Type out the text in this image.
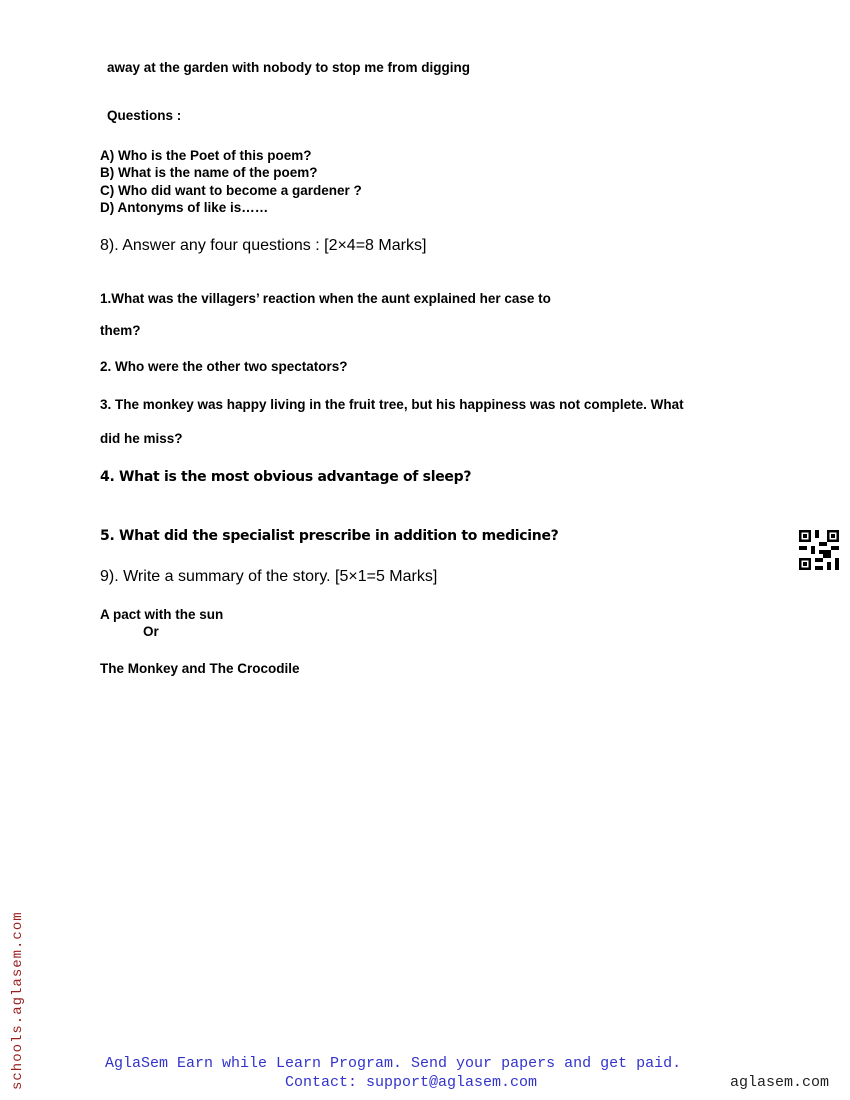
away at the garden with nobody to stop me from digging
Questions :
A) Who is the Poet of this poem?
B) What is the name of the poem?
C) Who did want to become a gardener ?
D) Antonyms of like is……
8). Answer any four questions : [2×4=8 Marks]
1.What was the villagers’ reaction when the aunt explained her case to
them?
2. Who were the other two spectators?
3. The monkey was happy living in the fruit tree, but his happiness was not complete. What
did he miss?
4. What is the most obvious advantage of sleep?
5. What did the specialist prescribe in addition to medicine?
9). Write a summary of the story. [5×1=5 Marks]
A pact with the sun
Or
The Monkey and The Crocodile
schools.aglasem.com	AglaSem Earn while Learn Program. Send your papers and get paid.
Contact: support@aglasem.com	aglasem.com
